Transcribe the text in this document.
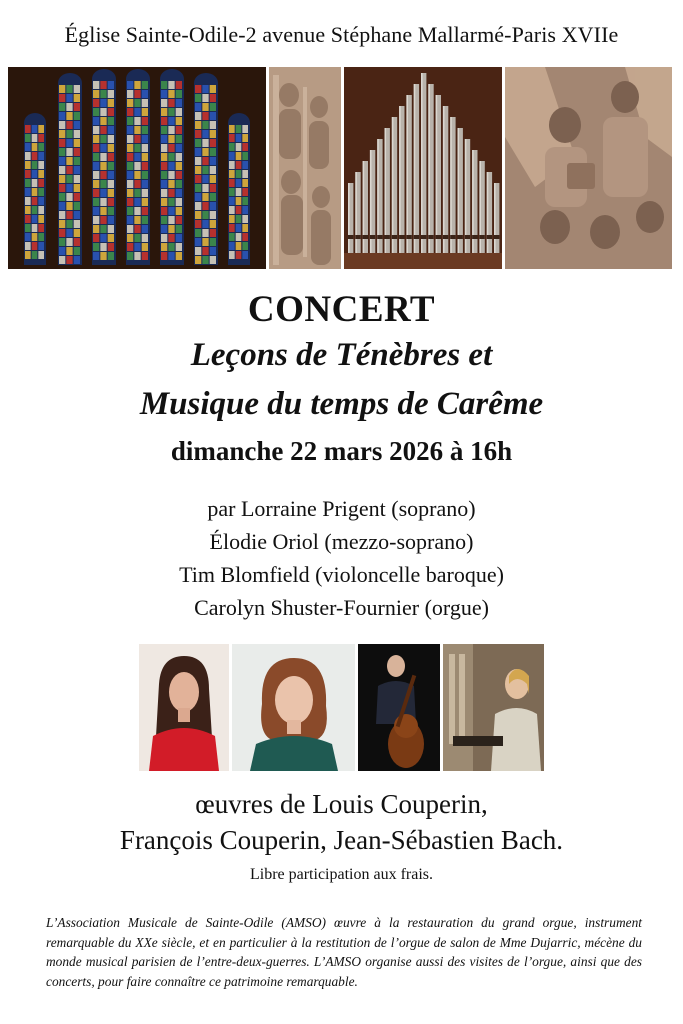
Église Sainte-Odile-2 avenue Stéphane Mallarmé-Paris XVIIe
CONCERT
Leçons de Ténèbres et
Musique du temps de Carême
dimanche 22 mars 2026 à 16h
par Lorraine Prigent (soprano)
Élodie Oriol (mezzo-soprano)
Tim Blomfield (violoncelle baroque)
Carolyn Shuster-Fournier (orgue)
œuvres de Louis Couperin,
François Couperin, Jean-Sébastien Bach.
Libre participation aux frais.
L’Association Musicale de Sainte-Odile (AMSO) œuvre à la restauration du grand orgue, instrument remarquable du XXe siècle, et en particulier à la restitution de l’orgue de salon de Mme Dujarric, mécène du monde musical parisien de l’entre-deux-guerres. L’AMSO organise aussi des visites de l’orgue, ainsi que des concerts, pour faire connaître ce patrimoine remarquable.
